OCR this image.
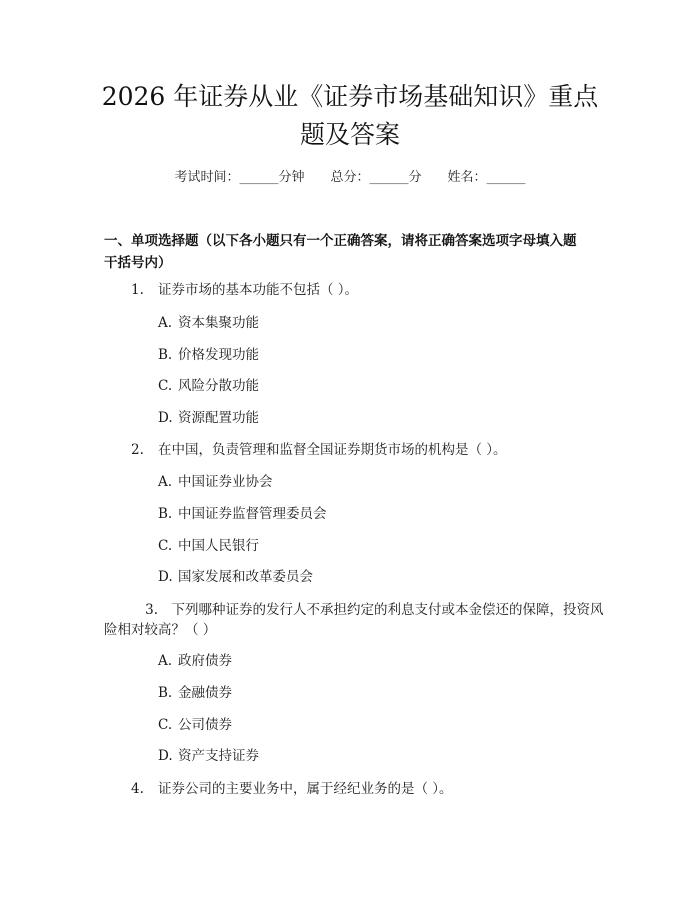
2026 年证券从业《证券市场基础知识》重点
题及答案
考试时间：______分钟 总分：______分 姓名：______
一、单项选择题（以下各小题只有一个正确答案，请将正确答案选项字母填入题
干括号内）
1. 证券市场的基本功能不包括（ ）。
A. 资本集聚功能
B. 价格发现功能
C. 风险分散功能
D. 资源配置功能
2. 在中国，负责管理和监督全国证券期货市场的机构是（ ）。
A. 中国证券业协会
B. 中国证券监督管理委员会
C. 中国人民银行
D. 国家发展和改革委员会
3.  下列哪种证券的发行人不承担约定的利息支付或本金偿还的保障，投资风
险相对较高？（ ）
A. 政府债券
B. 金融债券
C. 公司债券
D. 资产支持证券
4. 证券公司的主要业务中，属于经纪业务的是（ ）。
